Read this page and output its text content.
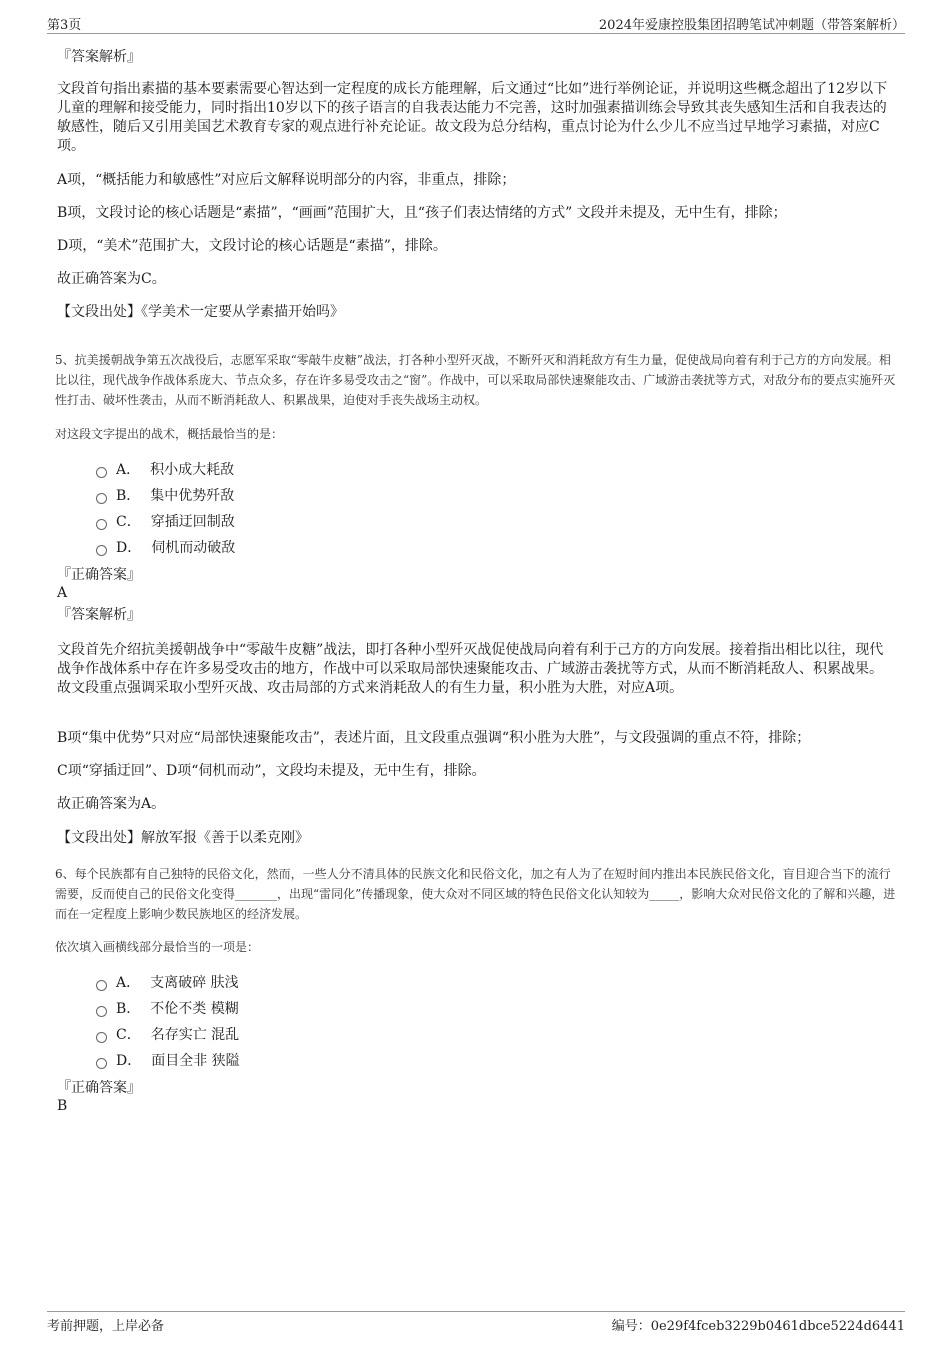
第3页	2024年爱康控股集团招聘笔试冲刺题（带答案解析）
『答案解析』
文段首句指出素描的基本要素需要心智达到一定程度的成长方能理解，后文通过“比如”进行举例论证，并说明这些概念超出了12岁以下儿童的理解和接受能力，同时指出10岁以下的孩子语言的自我表达能力不完善，这时加强素描训练会导致其丧失感知生活和自我表达的敏感性，随后又引用美国艺术教育专家的观点进行补充论证。故文段为总分结构，重点讨论为什么少儿不应当过早地学习素描，对应C项。
A项，“概括能力和敏感性”对应后文解释说明部分的内容，非重点，排除；
B项，文段讨论的核心话题是“素描”，“画画”范围扩大，且“孩子们表达情绪的方式” 文段并未提及，无中生有，排除；
D项，“美术”范围扩大，文段讨论的核心话题是“素描”，排除。
故正确答案为C。
【文段出处】《学美术一定要从学素描开始吗》
5、抗美援朝战争第五次战役后，志愿军采取“零敲牛皮糖”战法，打各种小型歼灭战，不断歼灭和消耗敌方有生力量，促使战局向着有利于己方的方向发展。相比以往，现代战争作战体系庞大、节点众多，存在许多易受攻击之“窗”。作战中，可以采取局部快速聚能攻击、广域游击袭扰等方式，对敌分布的要点实施歼灭性打击、破坏性袭击，从而不断消耗敌人、积累战果，迫使对手丧失战场主动权。
对这段文字提出的战术，概括最恰当的是：
A． 积小成大耗敌
B． 集中优势歼敌
C． 穿插迂回制敌
D． 伺机而动破敌
『正确答案』
A
『答案解析』
文段首先介绍抗美援朝战争中“零敲牛皮糖”战法，即打各种小型歼灭战促使战局向着有利于己方的方向发展。接着指出相比以往，现代战争作战体系中存在许多易受攻击的地方，作战中可以采取局部快速聚能攻击、广域游击袭扰等方式，从而不断消耗敌人、积累战果。故文段重点强调采取小型歼灭战、攻击局部的方式来消耗敌人的有生力量，积小胜为大胜，对应A项。
B项“集中优势”只对应“局部快速聚能攻击”，表述片面，且文段重点强调“积小胜为大胜”，与文段强调的重点不符，排除；
C项“穿插迂回”、D项“伺机而动”，文段均未提及，无中生有，排除。
故正确答案为A。
【文段出处】解放军报《善于以柔克刚》
6、每个民族都有自己独特的民俗文化，然而，一些人分不清具体的民族文化和民俗文化，加之有人为了在短时间内推出本民族民俗文化，盲目迎合当下的流行需要，反而使自己的民俗文化变得_______，出现“雷同化”传播现象，使大众对不同区域的特色民俗文化认知较为_____，影响大众对民俗文化的了解和兴趣，进而在一定程度上影响少数民族地区的经济发展。
依次填入画横线部分最恰当的一项是：
A． 支离破碎 肤浅
B． 不伦不类 模糊
C． 名存实亡 混乱
D． 面目全非 狭隘
『正确答案』
B
考前押题，上岸必备	编号：0e29f4fceb3229b0461dbce5224d6441
